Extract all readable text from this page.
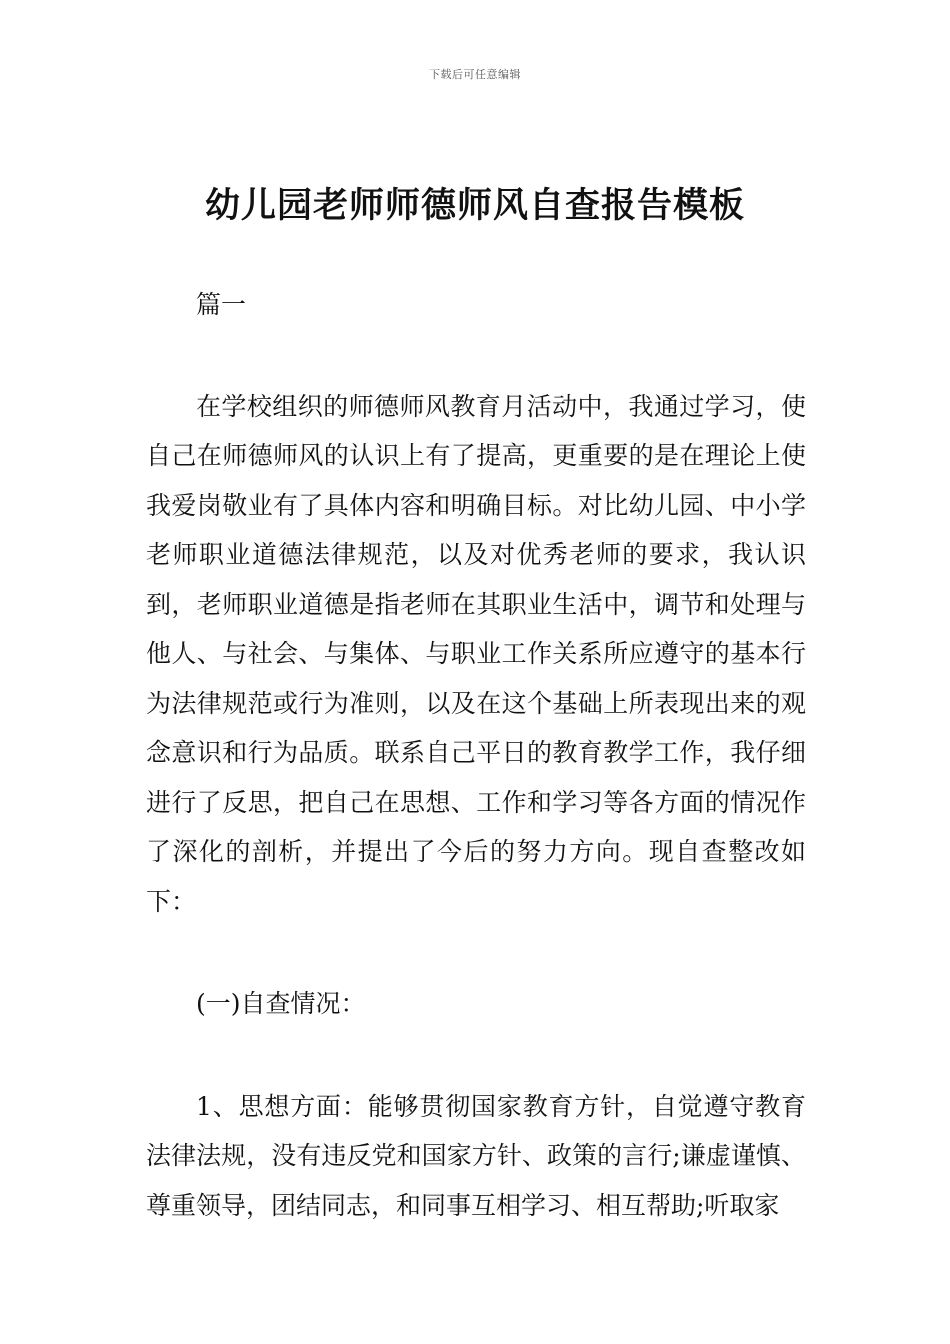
下载后可任意编辑
幼儿园老师师德师风自查报告模板

篇一

在学校组织的师德师风教育月活动中，我通过学习，使自己在师德师风的认识上有了提高，更重要的是在理论上使我爱岗敬业有了具体内容和明确目标。对比幼儿园、中小学老师职业道德法律规范，以及对优秀老师的要求，我认识到，老师职业道德是指老师在其职业生活中，调节和处理与他人、与社会、与集体、与职业工作关系所应遵守的基本行为法律规范或行为准则，以及在这个基础上所表现出来的观念意识和行为品质。联系自己平日的教育教学工作，我仔细进行了反思，把自己在思想、工作和学习等各方面的情况作了深化的剖析，并提出了今后的努力方向。现自查整改如下：

(一)自查情况：

1、思想方面：能够贯彻国家教育方针，自觉遵守教育法律法规，没有违反党和国家方针、政策的言行;谦虚谨慎、尊重领导，团结同志，和同事互相学习、相互帮助;听取家
